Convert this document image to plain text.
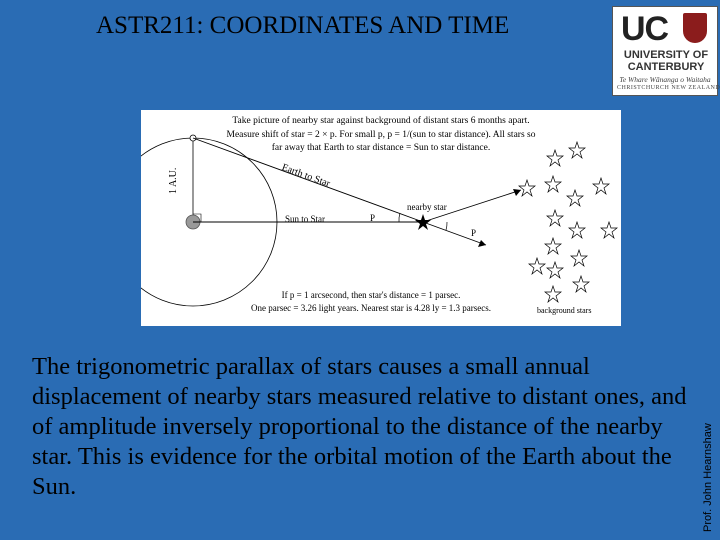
ASTR211: COORDINATES AND TIME	UC
UNIVERSITY OF
CANTERBURY
Te Whare Wānanga o Waitaha
CHRISTCHURCH NEW ZEALAND
Take picture of nearby star against background of distant stars 6 months apart.
Measure shift of star = 2 × p. For small p, p = 1/(sun to star distance). All stars so
far away that Earth to star distance = Sun to star distance.
1 A.U.	Earth to Star
Sun to Star	P
P
nearby star
background stars
If p = 1 arcsecond, then star's distance = 1 parsec.
One parsec = 3.26 light years. Nearest star is 4.28 ly = 1.3 parsecs.
The trigonometric parallax of stars causes a small annual displacement of nearby stars measured relative to distant ones, and of amplitude inversely proportional to the distance of the nearby star. This is evidence for the orbital motion of the Earth about the Sun.	Prof. John Hearnshaw
